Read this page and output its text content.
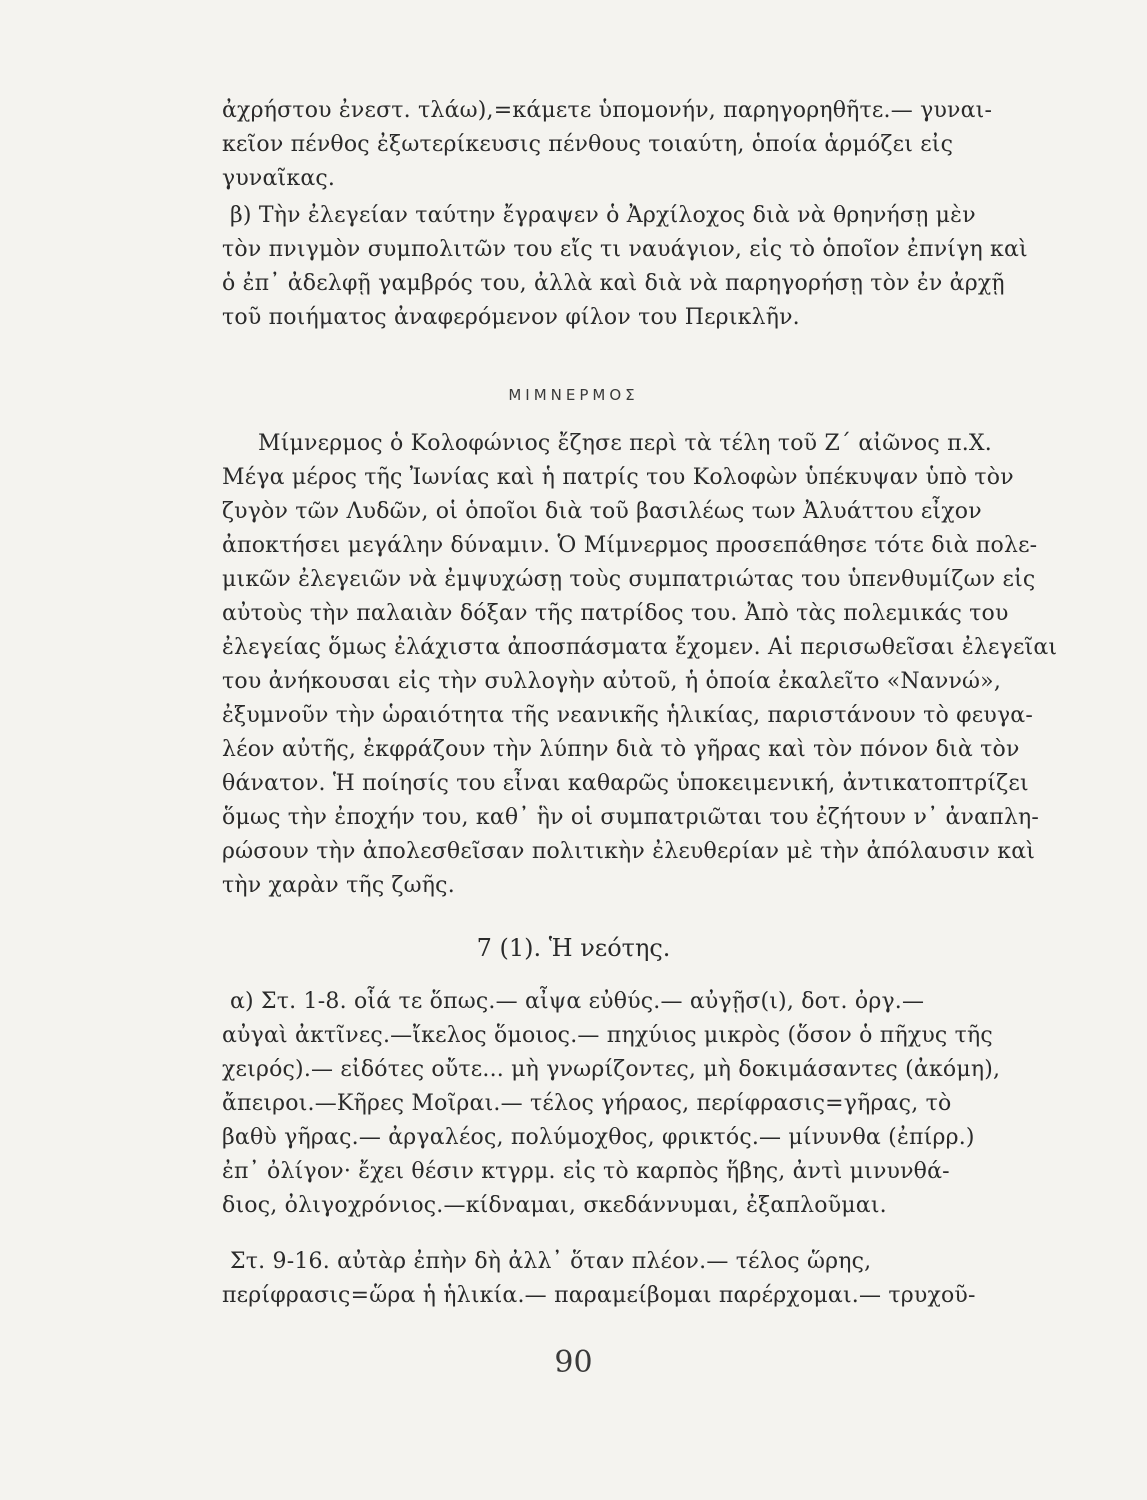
ἀχρήστου ἐνεστ. τλάω),=κάμετε ὑπομονήν, παρηγορηθῆτε.— γυναι-
κεῖον πένθος ἐξωτερίκευσις πένθους τοιαύτη, ὁποία ἁρμόζει εἰς
γυναῖκας.
β) Τὴν ἐλεγείαν ταύτην ἔγραψεν ὁ Ἀρχίλοχος διὰ νὰ θρηνήσῃ μὲν
τὸν πνιγμὸν συμπολιτῶν του εἴς τι ναυάγιον, εἰς τὸ ὁποῖον ἐπνίγη καὶ
ὁ ἐπ᾽ ἀδελφῇ γαμβρός του, ἀλλὰ καὶ διὰ νὰ παρηγορήσῃ τὸν ἐν ἀρχῇ
τοῦ ποιήματος ἀναφερόμενον φίλον του Περικλῆν.
ΜΙΜΝΕΡΜΟΣ
Μίμνερμος ὁ Κολοφώνιος ἔζησε περὶ τὰ τέλη τοῦ Ζ΄ αἰῶνος π.Χ.
Μέγα μέρος τῆς Ἰωνίας καὶ ἡ πατρίς του Κολοφὼν ὑπέκυψαν ὑπὸ τὸν
ζυγὸν τῶν Λυδῶν, οἱ ὁποῖοι διὰ τοῦ βασιλέως των Ἀλυάττου εἶχον
ἀποκτήσει μεγάλην δύναμιν. Ὁ Μίμνερμος προσεπάθησε τότε διὰ πολε-
μικῶν ἐλεγειῶν νὰ ἐμψυχώσῃ τοὺς συμπατριώτας του ὑπενθυμίζων εἰς
αὐτοὺς τὴν παλαιὰν δόξαν τῆς πατρίδος του. Ἀπὸ τὰς πολεμικάς του
ἐλεγείας ὅμως ἐλάχιστα ἀποσπάσματα ἔχομεν. Αἱ περισωθεῖσαι ἐλεγεῖαι
του ἀνήκουσαι εἰς τὴν συλλογὴν αὐτοῦ, ἡ ὁποία ἐκαλεῖτο «Ναννώ»,
ἐξυμνοῦν τὴν ὡραιότητα τῆς νεανικῆς ἡλικίας, παριστάνουν τὸ φευγα-
λέον αὐτῆς, ἐκφράζουν τὴν λύπην διὰ τὸ γῆρας καὶ τὸν πόνον διὰ τὸν
θάνατον. Ἡ ποίησίς του εἶναι καθαρῶς ὑποκειμενική, ἀντικατοπτρίζει
ὅμως τὴν ἐποχήν του, καθ᾽ ἣν οἱ συμπατριῶται του ἐζήτουν ν᾽ ἀναπλη-
ρώσουν τὴν ἀπολεσθεῖσαν πολιτικὴν ἐλευθερίαν μὲ τὴν ἀπόλαυσιν καὶ
τὴν χαρὰν τῆς ζωῆς.
7 (1). Ἡ νεότης.
α) Στ. 1-8. οἷά τε ὅπως.— αἶψα εὐθύς.— αὐγῇσ(ι), δοτ. ὀργ.—
αὐγαὶ ἀκτῖνες.—ἴκελος ὅμοιος.— πηχύιος μικρὸς (ὅσον ὁ πῆχυς τῆς
χειρός).— εἰδότες οὔτε... μὴ γνωρίζοντες, μὴ δοκιμάσαντες (ἀκόμη),
ἄπειροι.—Κῆρες Μοῖραι.— τέλος γήραος, περίφρασις=γῆρας, τὸ
βαθὺ γῆρας.— ἀργαλέος, πολύμοχθος, φρικτός.— μίνυνθα (ἐπίρρ.)
ἐπ᾽ ὀλίγον· ἔχει θέσιν κτγρμ. εἰς τὸ καρπὸς ἥβης, ἀντὶ μινυνθά-
διος, ὀλιγοχρόνιος.—κίδναμαι, σκεδάννυμαι, ἐξαπλοῦμαι.
Στ. 9-16. αὐτὰρ ἐπὴν δὴ ἀλλ᾽ ὅταν πλέον.— τέλος ὥρης,
περίφρασις=ὥρα ἡ ἡλικία.— παραμείβομαι παρέρχομαι.— τρυχοῦ-
90
